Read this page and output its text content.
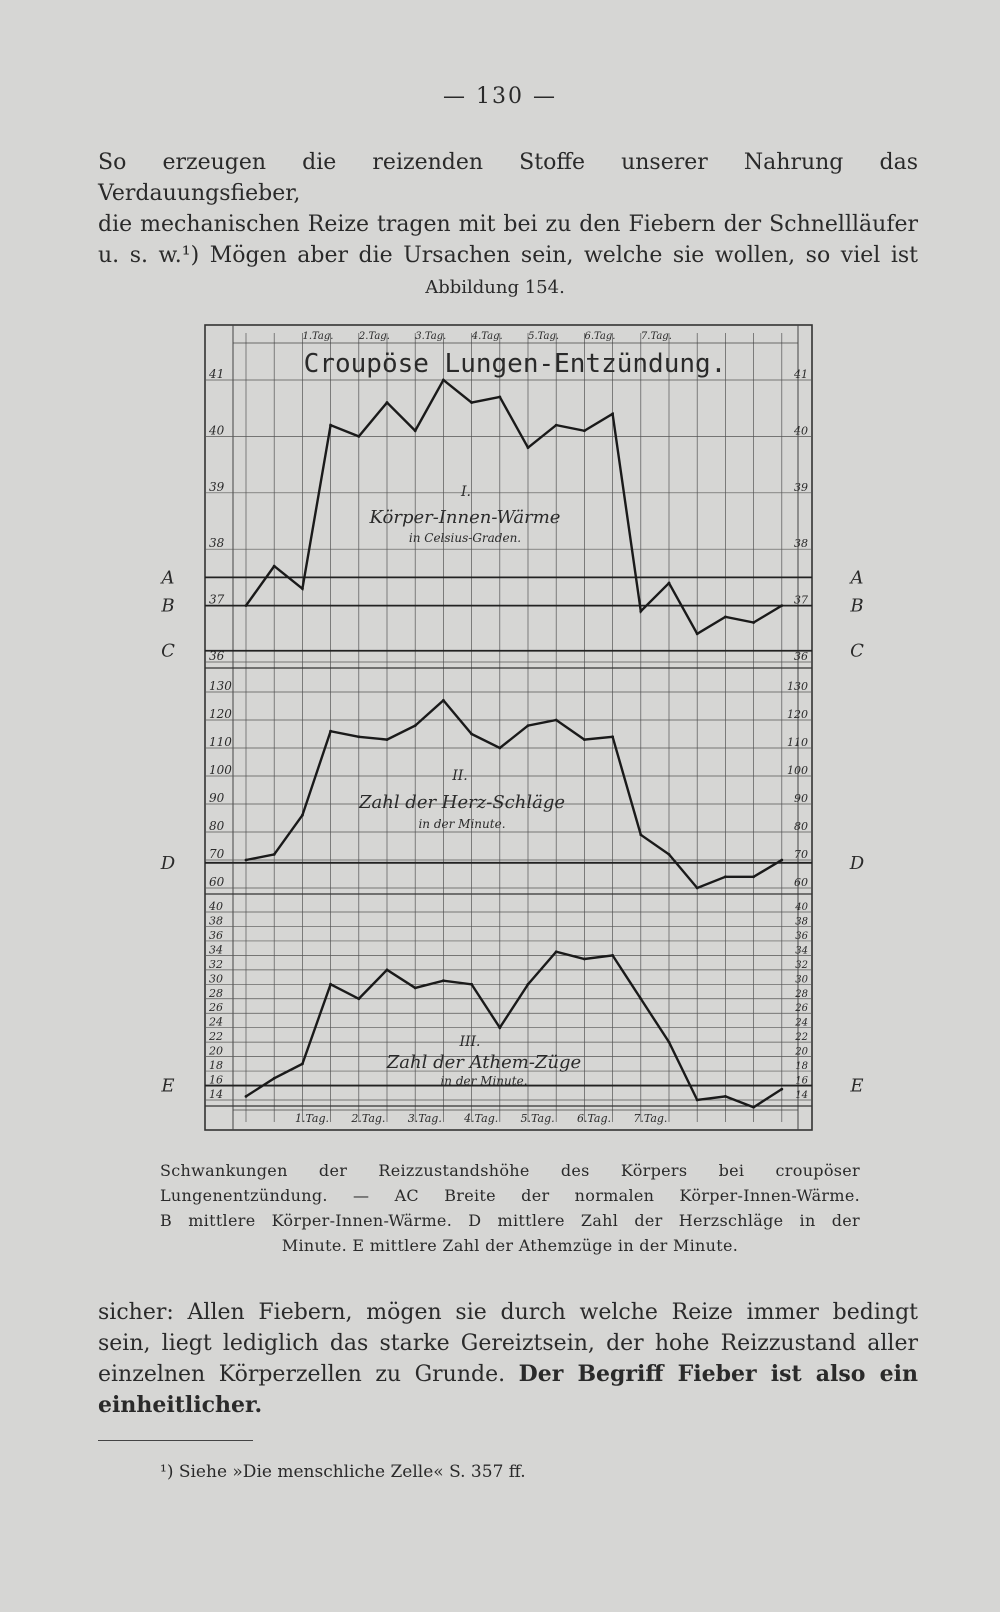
— 130 —
So erzeugen die reizenden Stoffe unserer Nahrung das Verdauungsfieber,
die mechanischen Reize tragen mit bei zu den Fiebern der Schnellläufer
u. s. w.¹) Mögen aber die Ursachen sein, welche sie wollen, so viel ist
Abbildung 154.
1.Tag.	2.Tag.	3.Tag.	4.Tag.	5.Tag.	6.Tag.	7.Tag.
1.Tag. 2.Tag. 3.Tag. 4.Tag. 5.Tag. 6.Tag. 7.Tag.
Croupöse Lungen-Entzündung.
41	41
40	40
39	39
38	38
37	37
36	36
A	A
B	B
C	C
I.
Körper-Innen-Wärme
in Celsius-Graden.
130	130
120	120
110	110
100	100
90	90
80	80
70	70
60	60
D	D
II.
Zahl der Herz-Schläge
in der Minute.
40	40
38	38
36	36
34	34
32	32
30	30
28	28
26	26
24	24
22	22
20	20
18	18
16	16
14	14
E	E
III.
Zahl der Athem-Züge
in der Minute.
Schwankungen der Reizzustandshöhe des Körpers bei croupöser
Lungenentzündung. — AC Breite der normalen Körper-Innen-Wärme.
B mittlere Körper-Innen-Wärme. D mittlere Zahl der Herzschläge in der
Minute. E mittlere Zahl der Athemzüge in der Minute.
sicher: Allen Fiebern, mögen sie durch welche Reize immer bedingt
sein, liegt lediglich das starke Gereiztsein, der hohe Reizzustand aller
einzelnen Körperzellen zu Grunde. Der Begriff Fieber ist also ein
einheitlicher.
¹) Siehe »Die menschliche Zelle« S. 357 ff.
